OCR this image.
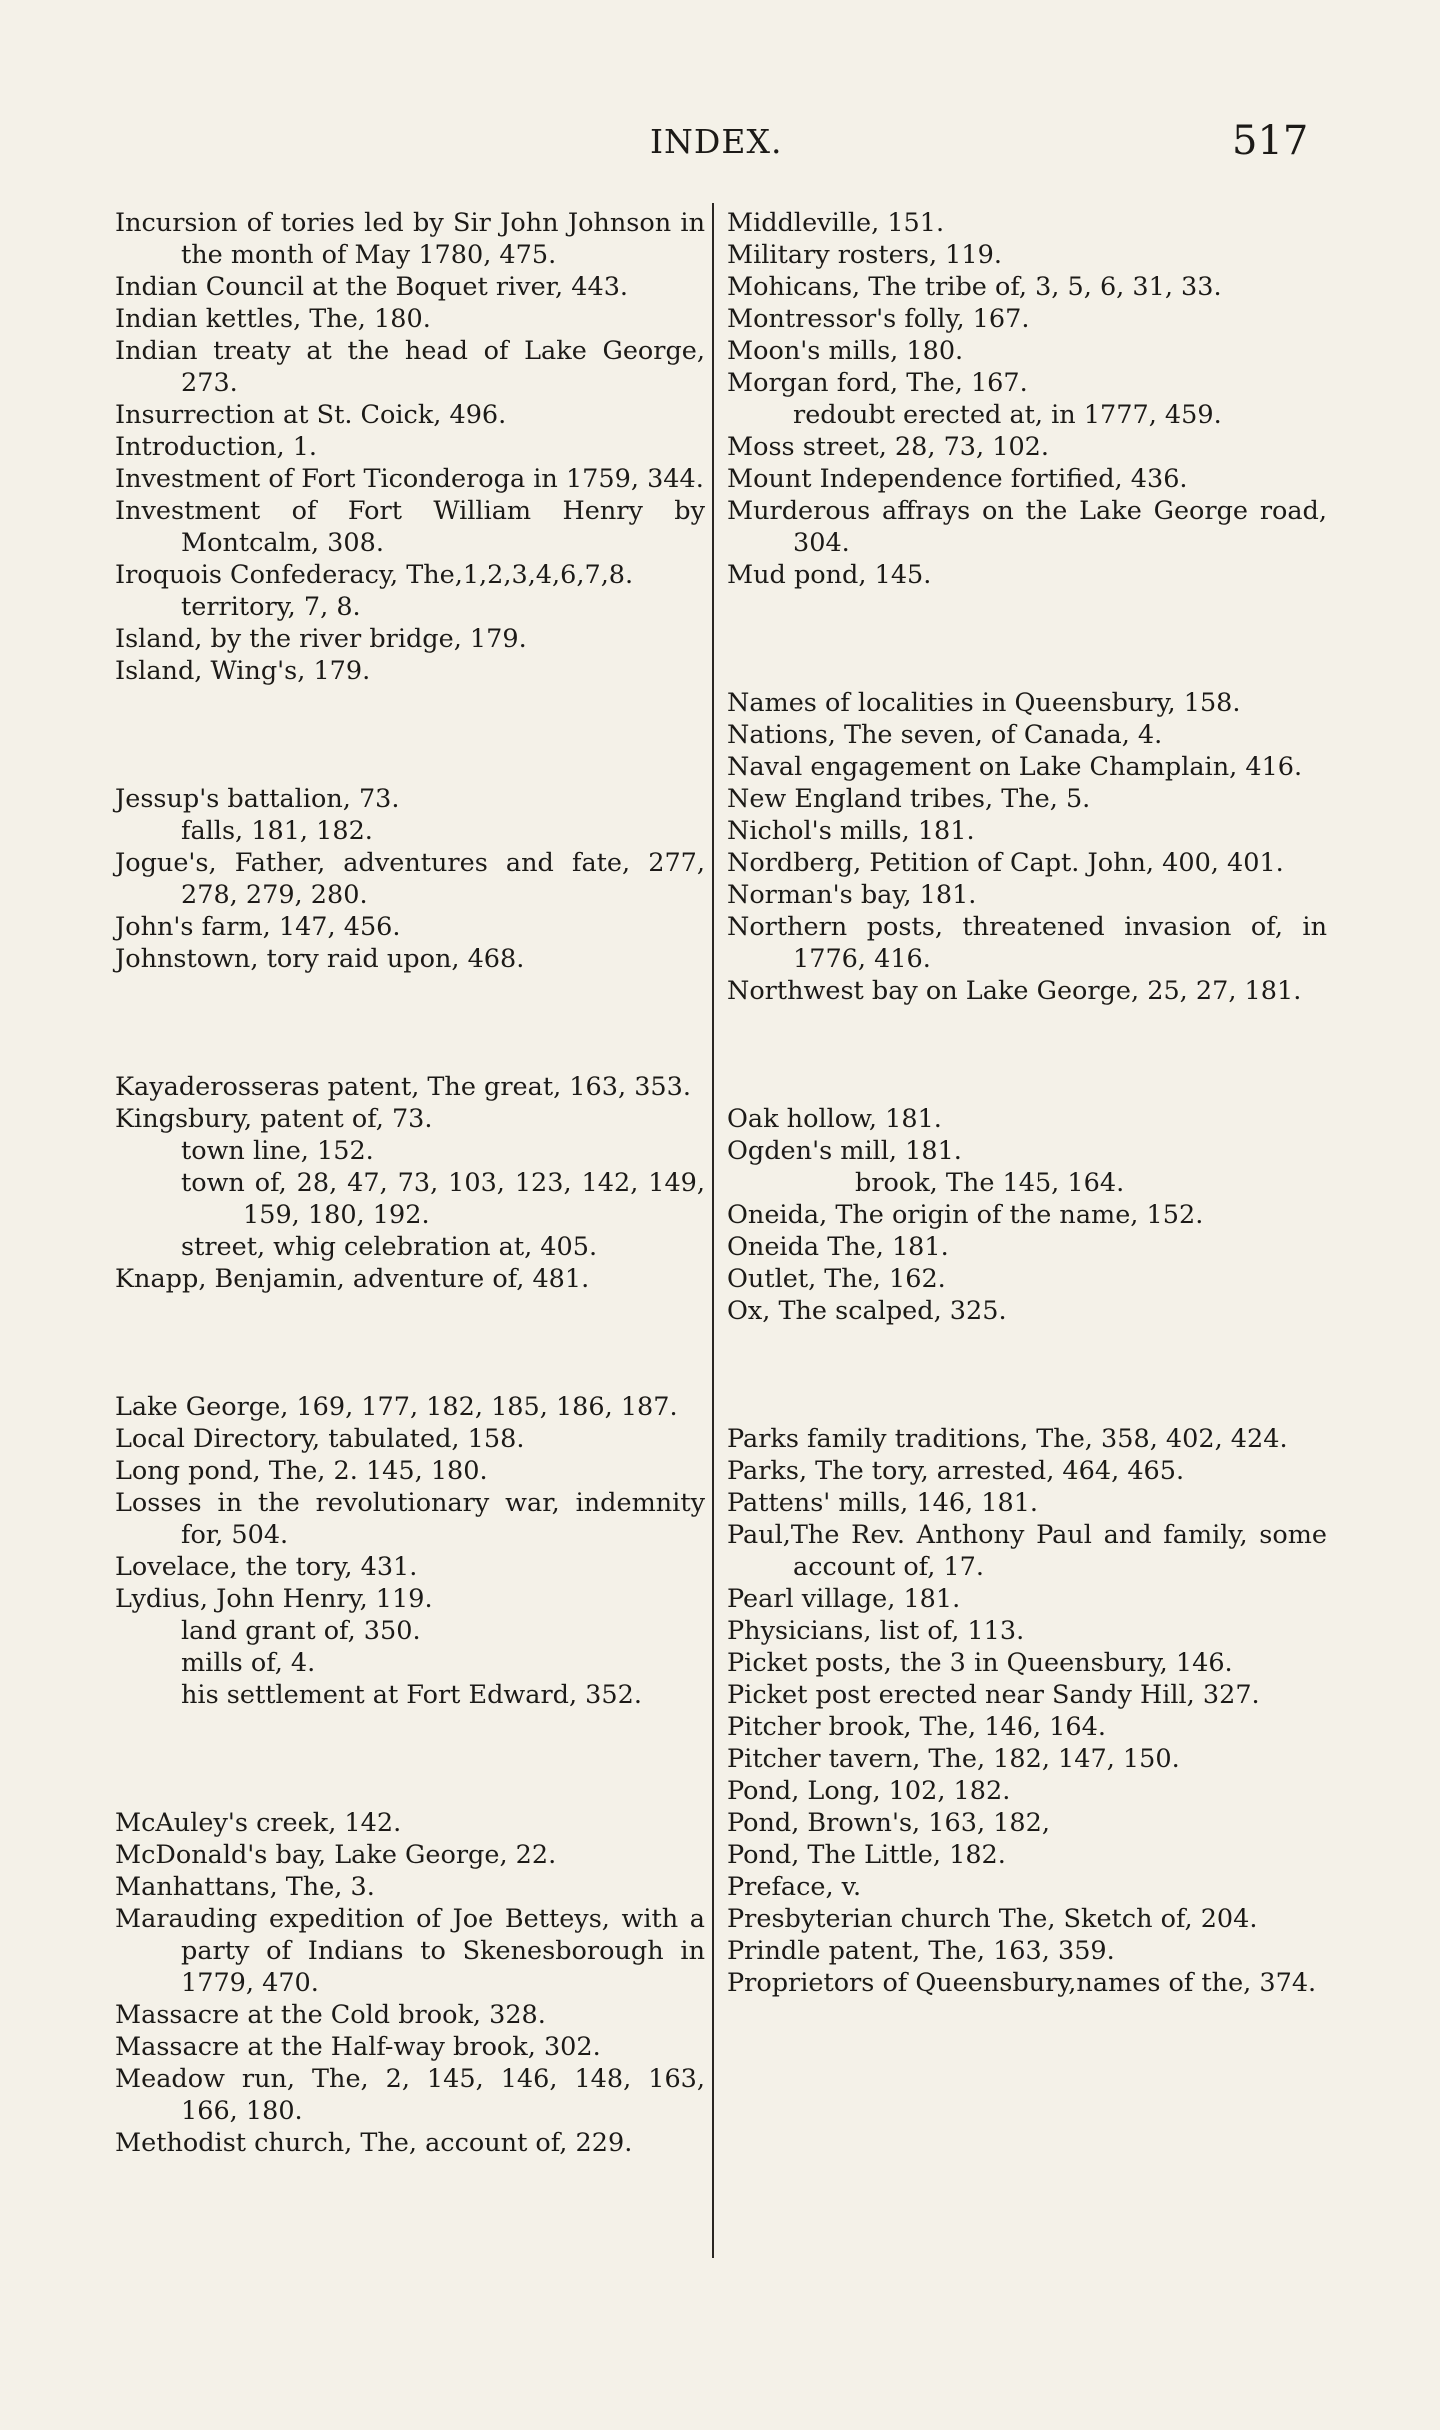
INDEX.	517

Incursion of tories led by Sir John Johnson in the month of May 1780, 475.

Indian Council at the Boquet river, 443.

Indian kettles, The, 180.

Indian treaty at the head of Lake George, 273.

Insurrection at St. Coick, 496.

Introduction, 1.

Investment of Fort Ticonderoga in 1759, 344.

Investment of Fort William Henry by Montcalm, 308.

Iroquois Confederacy, The,1,2,3,4,6,7,8.

territory, 7, 8.

Island, by the river bridge, 179.

Island, Wing's, 179.

Jessup's battalion, 73.

falls, 181, 182.

Jogue's, Father, adventures and fate, 277, 278, 279, 280.

John's farm, 147, 456.

Johnstown, tory raid upon, 468.

Kayaderosseras patent, The great, 163, 353.

Kingsbury, patent of, 73.

town line, 152.

town of, 28, 47, 73, 103, 123, 142, 149, 159, 180, 192.

street, whig celebration at, 405.

Knapp, Benjamin, adventure of, 481.

Lake George, 169, 177, 182, 185, 186, 187.

Local Directory, tabulated, 158.

Long pond, The, 2. 145, 180.

Losses in the revolutionary war, indemnity for, 504.

Lovelace, the tory, 431.

Lydius, John Henry, 119.

land grant of, 350.

mills of, 4.

his settlement at Fort Edward, 352.

McAuley's creek, 142.

McDonald's bay, Lake George, 22.

Manhattans, The, 3.

Marauding expedition of Joe Betteys, with a party of Indians to Skenesborough in 1779, 470.

Massacre at the Cold brook, 328.

Massacre at the Half-way brook, 302.

Meadow run, The, 2, 145, 146, 148, 163, 166, 180.

Methodist church, The, account of, 229.

Middleville, 151.

Military rosters, 119.

Mohicans, The tribe of, 3, 5, 6, 31, 33.

Montressor's folly, 167.

Moon's mills, 180.

Morgan ford, The, 167.

redoubt erected at, in 1777, 459.

Moss street, 28, 73, 102.

Mount Independence fortified, 436.

Murderous affrays on the Lake George road, 304.

Mud pond, 145.

Names of localities in Queensbury, 158.

Nations, The seven, of Canada, 4.

Naval engagement on Lake Champlain, 416.

New England tribes, The, 5.

Nichol's mills, 181.

Nordberg, Petition of Capt. John, 400, 401.

Norman's bay, 181.

Northern posts, threatened invasion of, in 1776, 416.

Northwest bay on Lake George, 25, 27, 181.

Oak hollow, 181.

Ogden's mill, 181.

brook, The 145, 164.

Oneida, The origin of the name, 152.

Oneida The, 181.

Outlet, The, 162.

Ox, The scalped, 325.

Parks family traditions, The, 358, 402, 424.

Parks, The tory, arrested, 464, 465.

Pattens' mills, 146, 181.

Paul,The Rev. Anthony Paul and family, some account of, 17.

Pearl village, 181.

Physicians, list of, 113.

Picket posts, the 3 in Queensbury, 146.

Picket post erected near Sandy Hill, 327.

Pitcher brook, The, 146, 164.

Pitcher tavern, The, 182, 147, 150.

Pond, Long, 102, 182.

Pond, Brown's, 163, 182,

Pond, The Little, 182.

Preface, v.

Presbyterian church The, Sketch of, 204.

Prindle patent, The, 163, 359.

Proprietors of Queensbury,names of the, 374.
